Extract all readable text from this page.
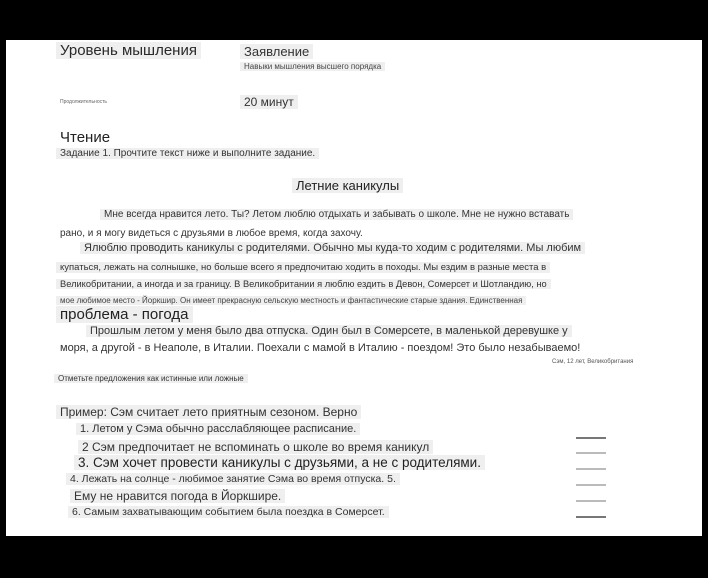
Уровень мышления	Заявление
Навыки мышления высшего порядка
Продолжительность	20 минут
Чтение
Задание 1. Прочтите текст ниже и выполните задание.
Летние каникулы
Мне всегда нравится лето. Ты? Летом люблю отдыхать и забывать о школе. Мне не нужно вставать
рано, и я могу видеться с друзьями в любое время, когда захочу.
Ялюблю проводить каникулы с родителями. Обычно мы куда-то ходим с родителями. Мы любим
купаться, лежать на солнышке, но больше всего я предпочитаю ходить в походы. Мы ездим в разные места в
Великобритании, а иногда и за границу. В Великобритании я люблю ездить в Девон, Сомерсет и Шотландию, но
мое любимое место - Йоркшир. Он имеет прекрасную сельскую местность и фантастические старые здания. Единственная
проблема - погода
Прошлым летом у меня было два отпуска. Один был в Сомерсете, в маленькой деревушке у
моря, а другой - в Неаполе, в Италии. Поехали с мамой в Италию - поездом! Это было незабываемо!
Сэм, 12 лет, Великобритания
Отметьте предложения как истинные или ложные
Пример: Сэм считает лето приятным сезоном. Верно
1. Летом у Сэма обычно расслабляющее расписание.
2 Сэм предпочитает не вспоминать о школе во время каникул
3. Сэм хочет провести каникулы с друзьями, а не с родителями.
4. Лежать на солнце - любимое занятие Сэма во время отпуска. 5.
Ему не нравится погода в Йоркшире.
6. Самым захватывающим событием была поездка в Сомерсет.
